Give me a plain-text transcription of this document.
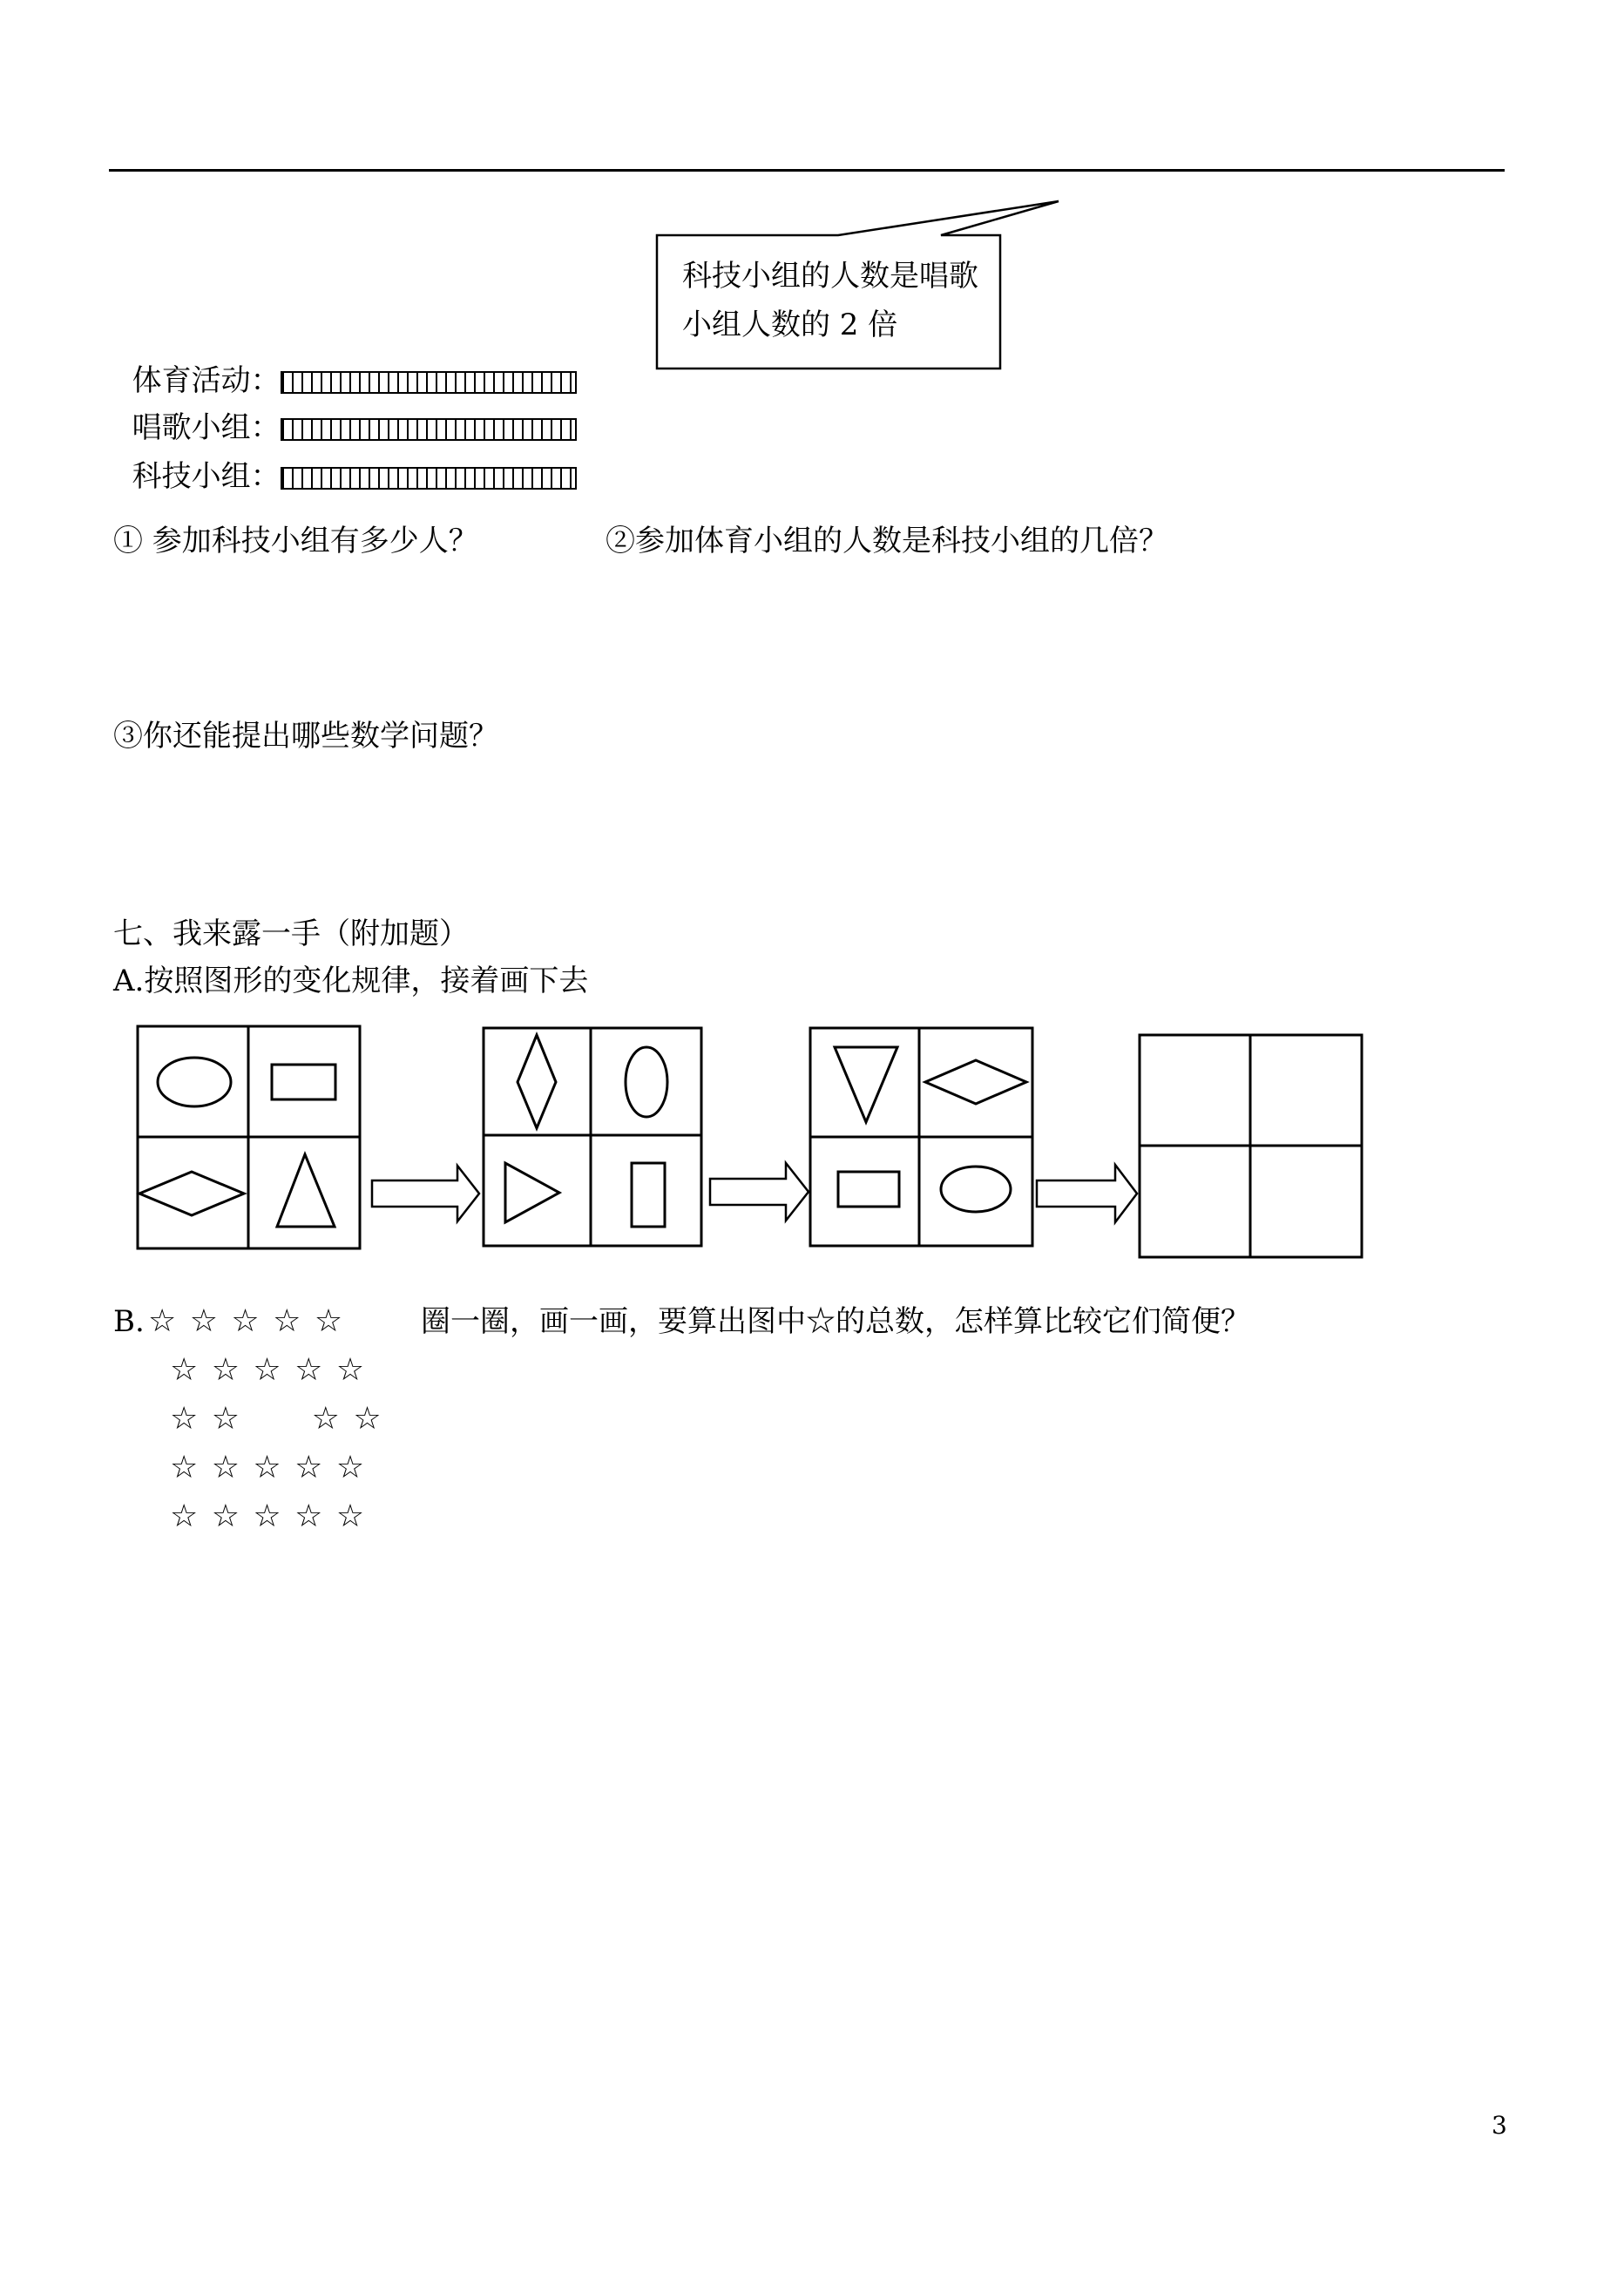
科技小组的人数是唱歌小组人数的 2 倍

体育活动：

唱歌小组：

科技小组：

① 参加科技小组有多少人？	②参加体育小组的人数是科技小组的几倍？
③你还能提出哪些数学问题？
七、我来露一手（附加题）
A.按照图形的变化规律，接着画下去
B. ☆ ☆ ☆ ☆ ☆	圈一圈，画一画，要算出图中☆的总数，怎样算比较它们简便？
☆ ☆ ☆ ☆ ☆
☆ ☆      ☆ ☆
☆ ☆ ☆ ☆ ☆
☆ ☆ ☆ ☆ ☆
3
